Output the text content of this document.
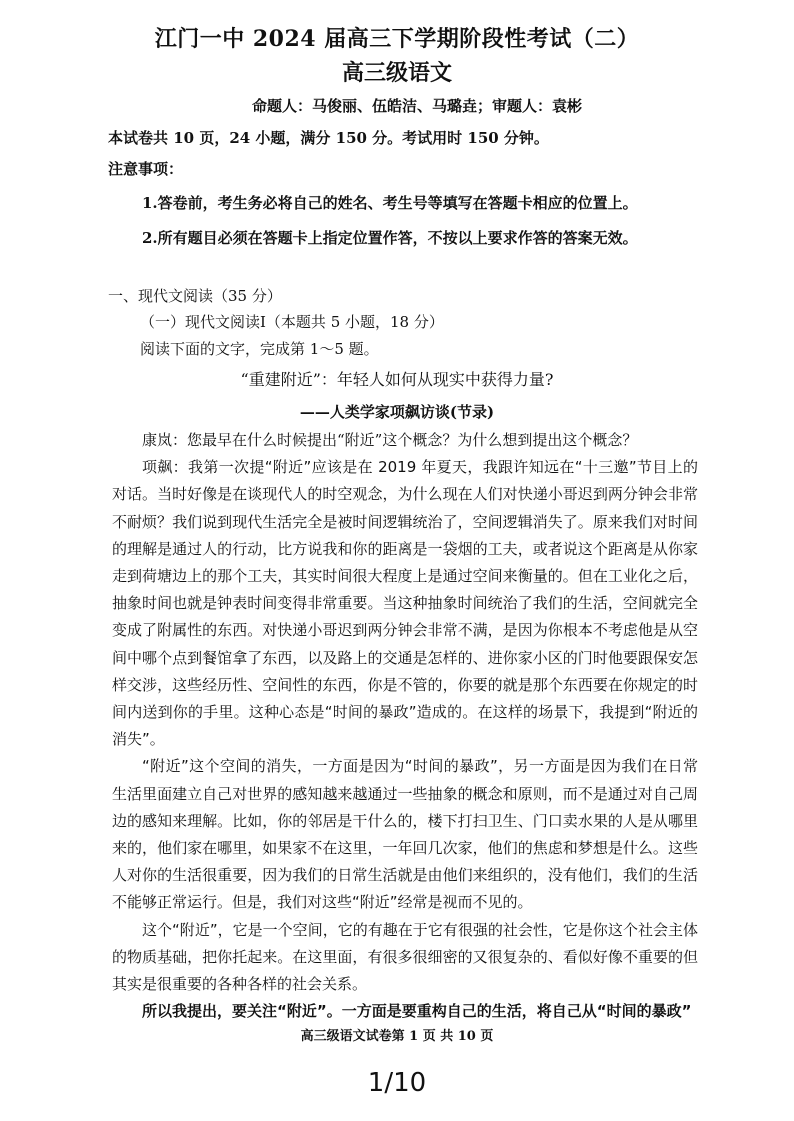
江门一中 2024 届高三下学期阶段性考试（二）
高三级语文
命题人：马俊丽、伍皓洁、马璐垚；审题人：袁彬
本试卷共 10 页，24 小题，满分 150 分。考试用时 150 分钟。
注意事项：
1.答卷前，考生务必将自己的姓名、考生号等填写在答题卡相应的位置上。
2.所有题目必须在答题卡上指定位置作答，不按以上要求作答的答案无效。
一、现代文阅读（35 分）
（一）现代文阅读Ⅰ（本题共 5 小题，18 分）
阅读下面的文字，完成第 1～5 题。
“重建附近”：年轻人如何从现实中获得力量?
——人类学家项飙访谈(节录)

康岚：您最早在什么时候提出“附近”这个概念？为什么想到提出这个概念？

项飙：我第一次提“附近”应该是在 2019 年夏天，我跟许知远在“十三邀”节目上的对话。当时好像是在谈现代人的时空观念，为什么现在人们对快递小哥迟到两分钟会非常不耐烦？我们说到现代生活完全是被时间逻辑统治了，空间逻辑消失了。原来我们对时间的理解是通过人的行动，比方说我和你的距离是一袋烟的工夫，或者说这个距离是从你家走到荷塘边上的那个工夫，其实时间很大程度上是通过空间来衡量的。但在工业化之后，抽象时间也就是钟表时间变得非常重要。当这种抽象时间统治了我们的生活，空间就完全变成了附属性的东西。对快递小哥迟到两分钟会非常不满，是因为你根本不考虑他是从空间中哪个点到餐馆拿了东西，以及路上的交通是怎样的、进你家小区的门时他要跟保安怎样交涉，这些经历性、空间性的东西，你是不管的，你要的就是那个东西要在你规定的时间内送到你的手里。这种心态是“时间的暴政”造成的。在这样的场景下，我提到“附近的消失”。

“附近”这个空间的消失，一方面是因为“时间的暴政”，另一方面是因为我们在日常生活里面建立自己对世界的感知越来越通过一些抽象的概念和原则，而不是通过对自己周边的感知来理解。比如，你的邻居是干什么的，楼下打扫卫生、门口卖水果的人是从哪里来的，他们家在哪里，如果家不在这里，一年回几次家，他们的焦虑和梦想是什么。这些人对你的生活很重要，因为我们的日常生活就是由他们来组织的，没有他们，我们的生活不能够正常运行。但是，我们对这些“附近”经常是视而不见的。

这个“附近”，它是一个空间，它的有趣在于它有很强的社会性，它是你这个社会主体的物质基础，把你托起来。在这里面，有很多很细密的又很复杂的、看似好像不重要的但其实是很重要的各种各样的社会关系。

所以我提出，要关注“附近”。一方面是要重构自己的生活，将自己从“时间的暴政”

高三级语文试卷第 1 页 共 10 页
1/10
